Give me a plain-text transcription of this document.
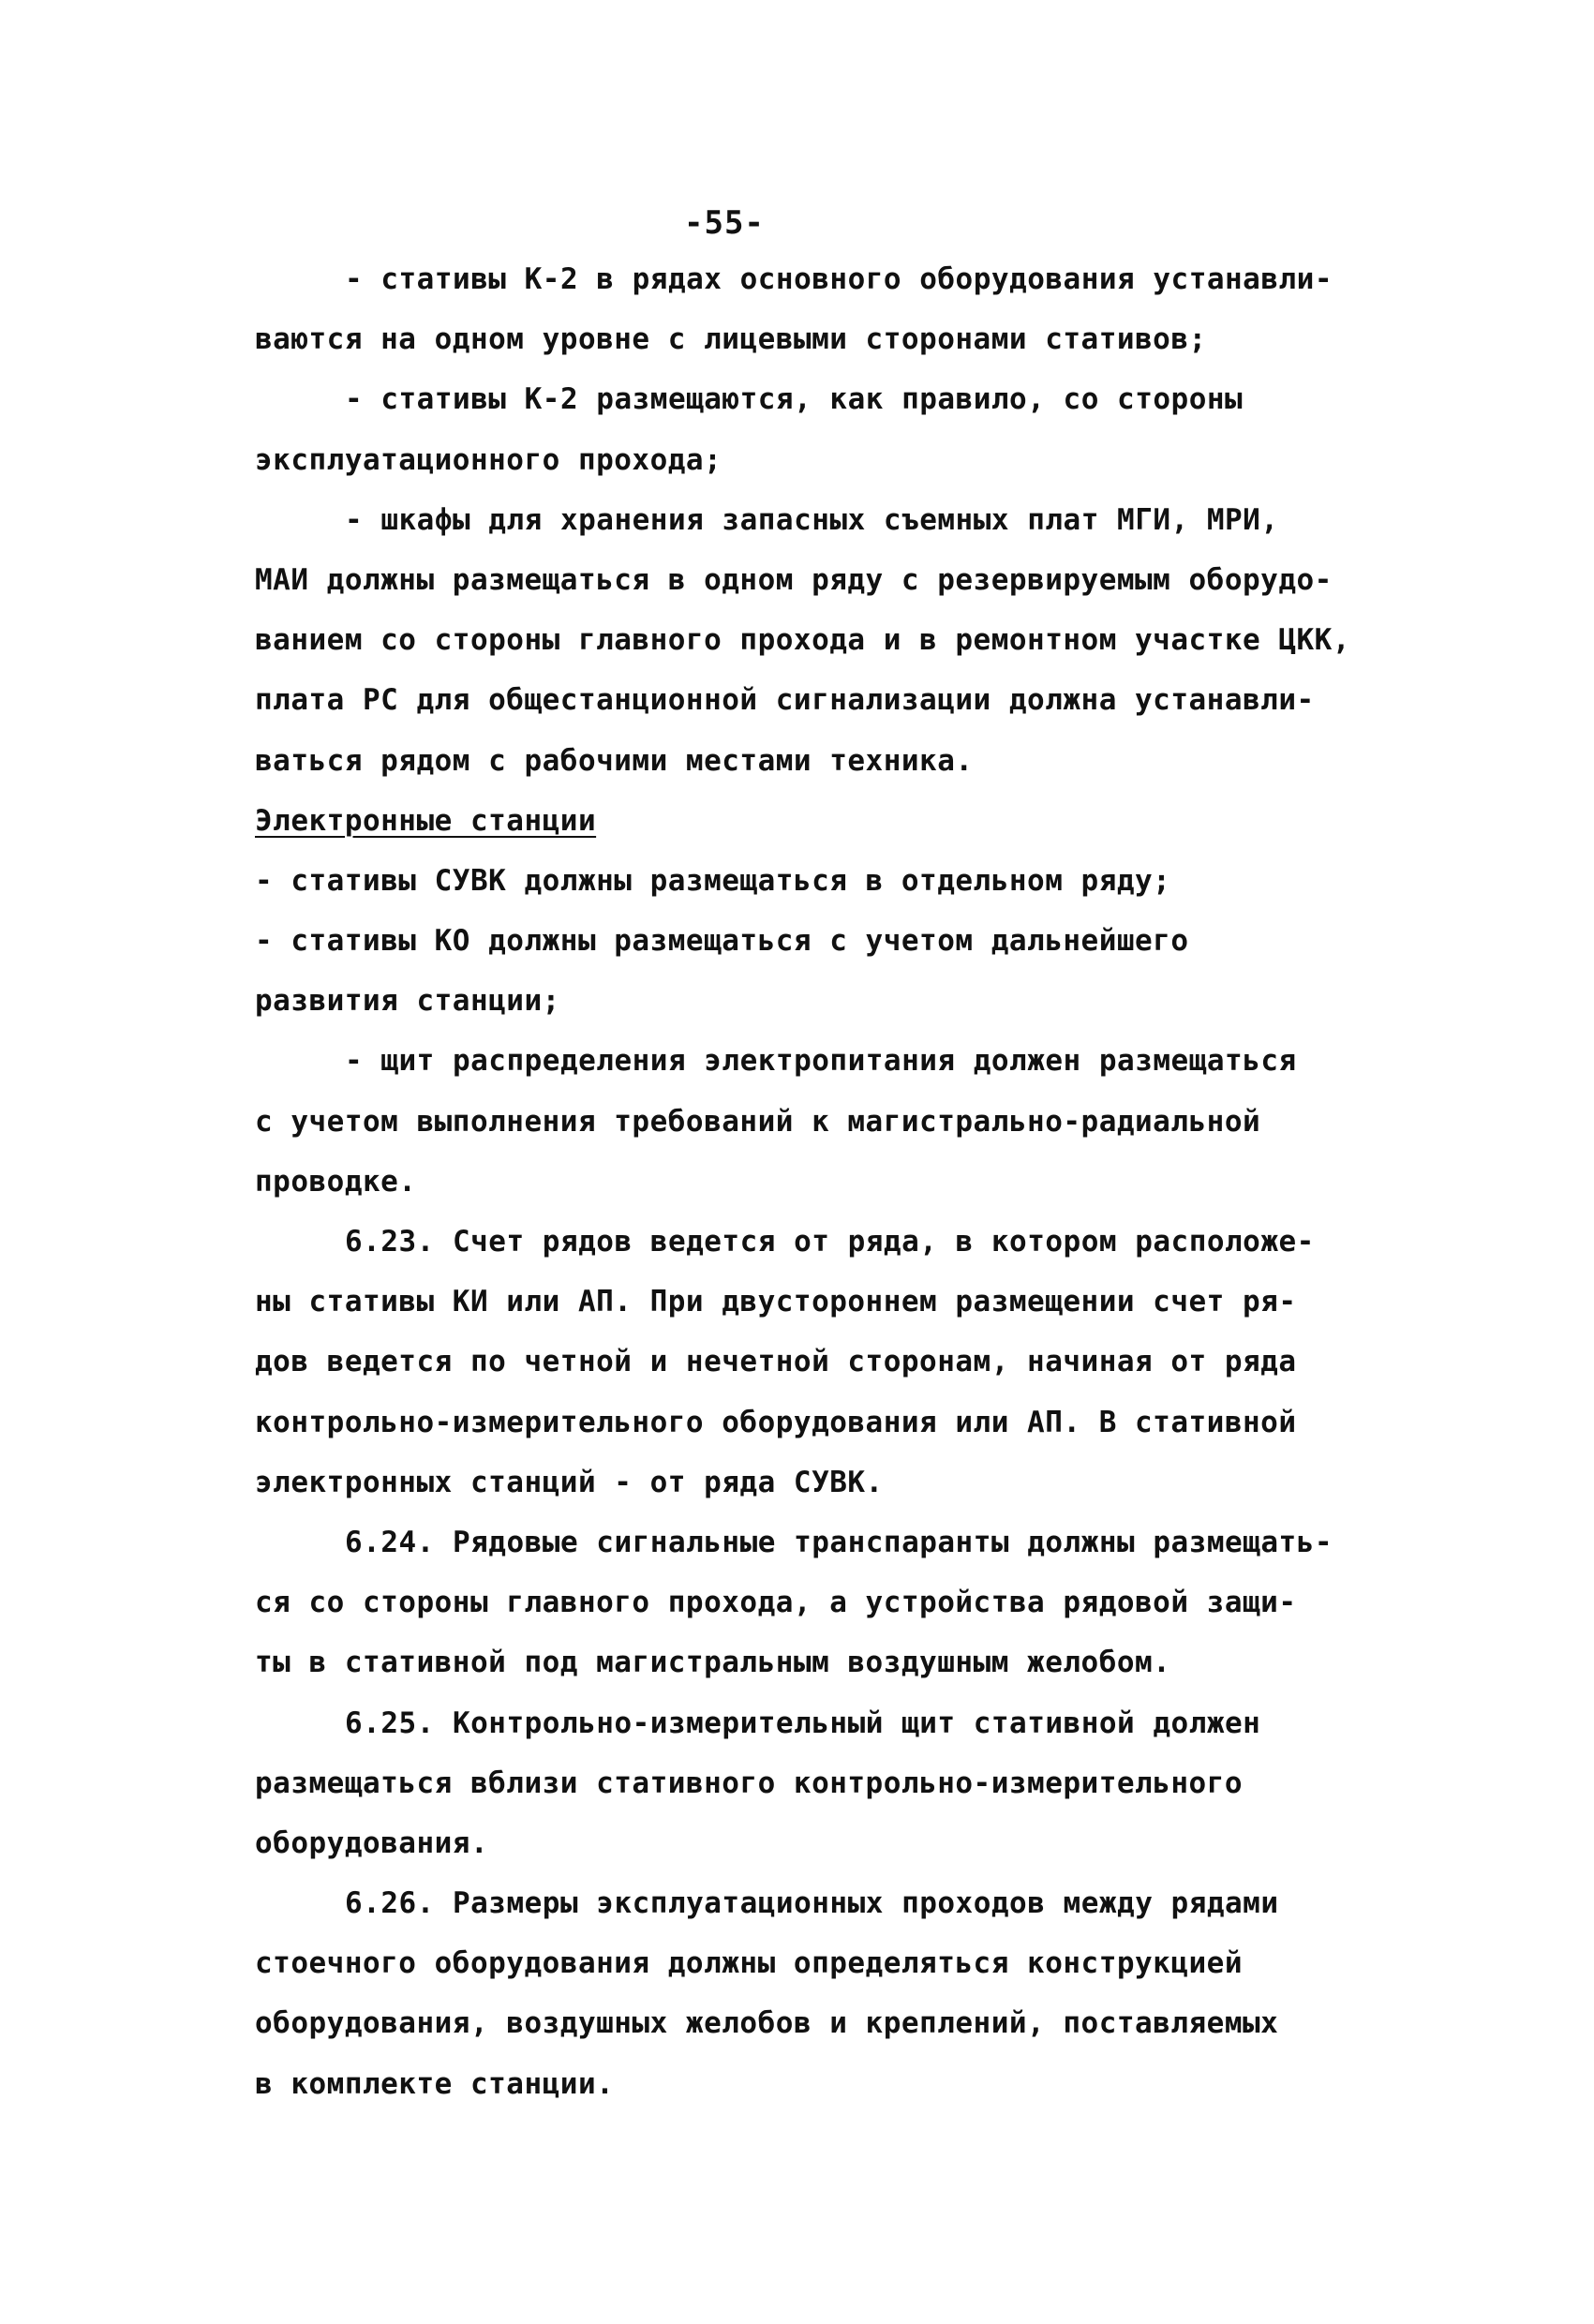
-55-
- стативы К-2 в рядах основного оборудования устанавли-
ваются на одном уровне с лицевыми сторонами стативов;
- стативы К-2 размещаются, как правило, со стороны
эксплуатационного прохода;
- шкафы для хранения запасных съемных плат МГИ, МРИ,
МАИ должны размещаться в одном ряду с резервируемым оборудо-
ванием со стороны главного прохода и в ремонтном участке ЦКК,
плата РС для общестанционной сигнализации должна устанавли-
ваться рядом с рабочими местами техника.
Электронные станции
- стативы СУВК должны размещаться в отдельном ряду;
- стативы КО должны размещаться с учетом дальнейшего
развития станции;
- щит распределения электропитания должен размещаться
с учетом выполнения требований к магистрально-радиальной
проводке.
6.23. Счет рядов ведется от ряда, в котором расположе-
ны стативы КИ или АП. При двустороннем размещении счет ря-
дов ведется по четной и нечетной сторонам, начиная от ряда
контрольно-измерительного оборудования или АП. В стативной
электронных станций - от ряда СУВК.
6.24. Рядовые сигнальные транспаранты должны размещать-
ся со стороны главного прохода, а устройства рядовой защи-
ты в стативной под магистральным воздушным желобом.
6.25. Контрольно-измерительный щит стативной должен
размещаться вблизи стативного контрольно-измерительного
оборудования.
6.26. Размеры эксплуатационных проходов между рядами
стоечного оборудования должны определяться конструкцией
оборудования, воздушных желобов и креплений, поставляемых
в комплекте станции.
